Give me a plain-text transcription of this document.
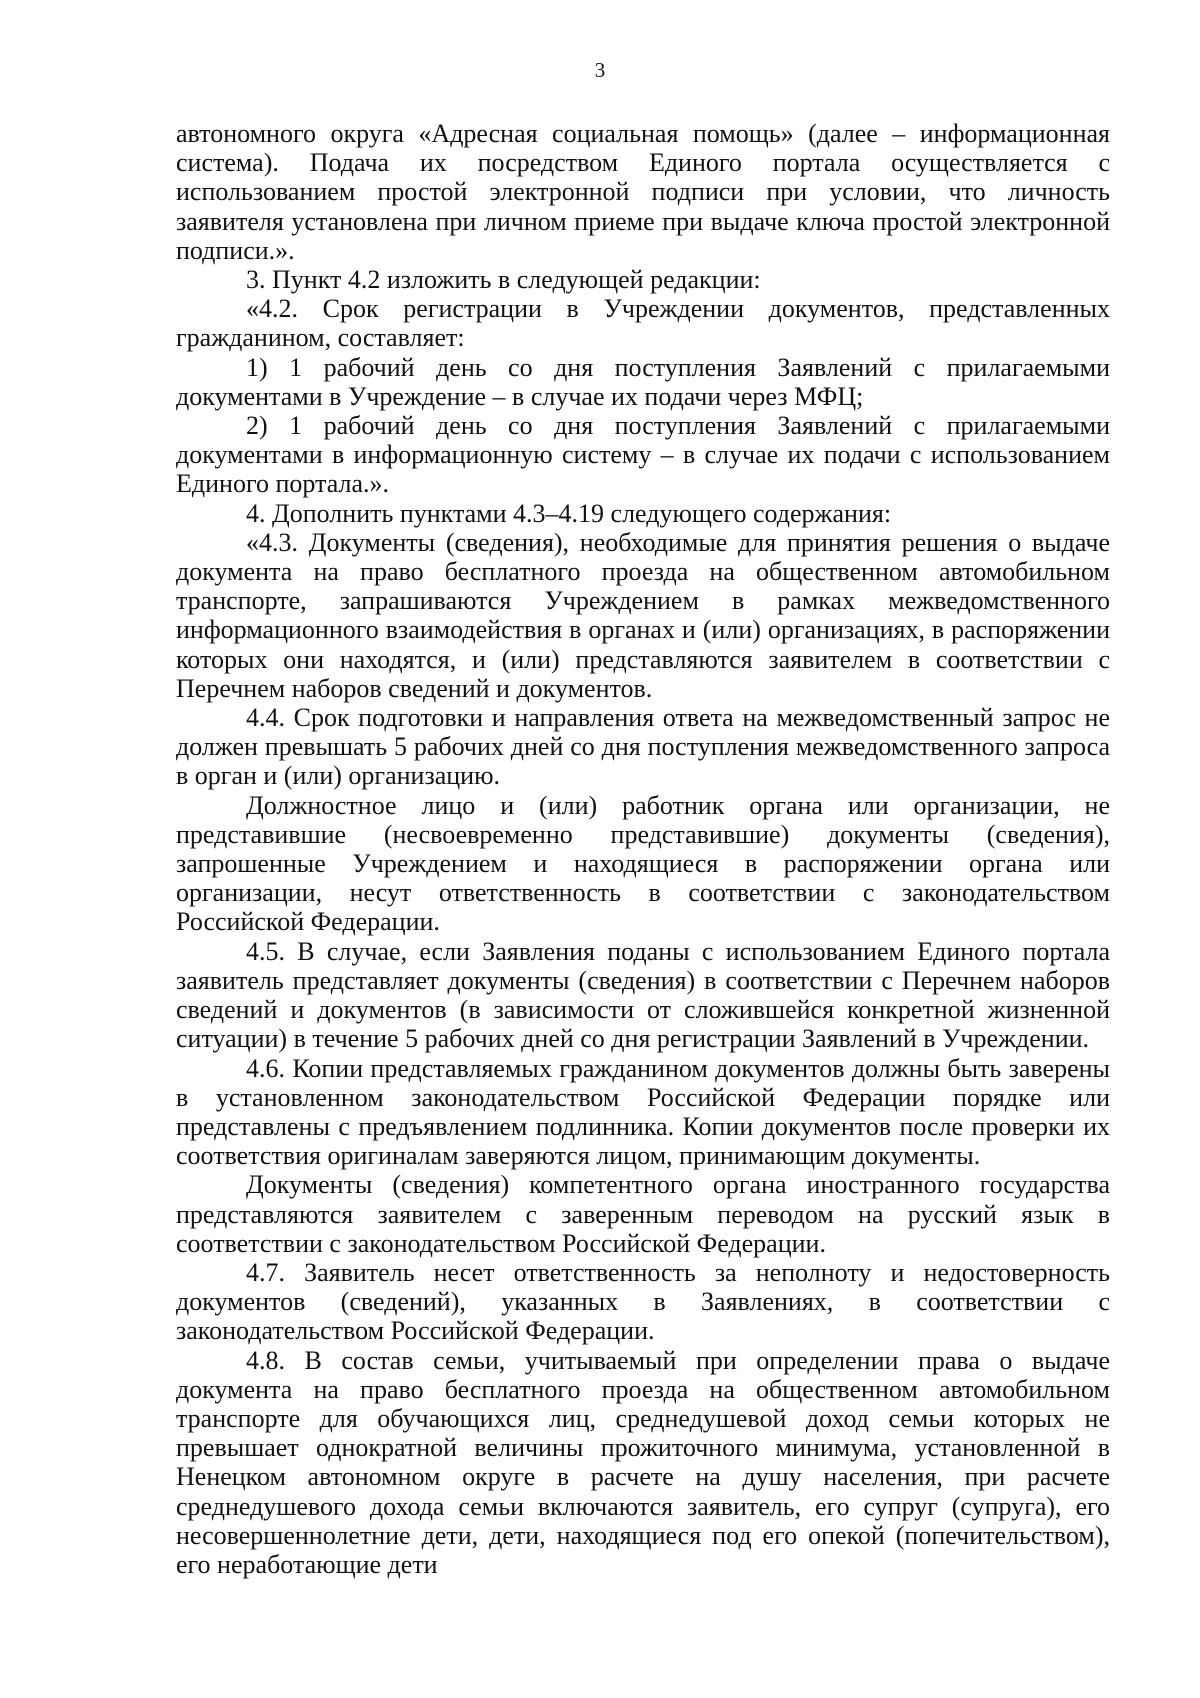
3

автономного округа «Адресная социальная помощь» (далее – информационная система). Подача их посредством Единого портала осуществляется с использованием простой электронной подписи при условии, что личность заявителя установлена при личном приеме при выдаче ключа простой электронной подписи.».

3. Пункт 4.2 изложить в следующей редакции:

«4.2. Срок регистрации в Учреждении документов, представленных гражданином, составляет:

1) 1 рабочий день со дня поступления Заявлений с прилагаемыми документами в Учреждение – в случае их подачи через МФЦ;

2) 1 рабочий день со дня поступления Заявлений с прилагаемыми документами в информационную систему – в случае их подачи с использованием Единого портала.».

4. Дополнить пунктами 4.3–4.19 следующего содержания:

«4.3. Документы (сведения), необходимые для принятия решения о выдаче документа на право бесплатного проезда на общественном автомобильном транспорте, запрашиваются Учреждением в рамках межведомственного информационного взаимодействия в органах и (или) организациях, в распоряжении которых они находятся, и (или) представляются заявителем в соответствии с Перечнем наборов сведений и документов.

4.4. Срок подготовки и направления ответа на межведомственный запрос не должен превышать 5 рабочих дней со дня поступления межведомственного запроса в орган и (или) организацию.

Должностное лицо и (или) работник органа или организации, не представившие (несвоевременно представившие) документы (сведения), запрошенные Учреждением и находящиеся в распоряжении органа или организации, несут ответственность в соответствии с законодательством Российской Федерации.

4.5. В случае, если Заявления поданы с использованием Единого портала заявитель представляет документы (сведения) в соответствии с Перечнем наборов сведений и документов (в зависимости от сложившейся конкретной жизненной ситуации) в течение 5 рабочих дней со дня регистрации Заявлений в Учреждении.

4.6. Копии представляемых гражданином документов должны быть заверены в установленном законодательством Российской Федерации порядке или представлены с предъявлением подлинника. Копии документов после проверки их соответствия оригиналам заверяются лицом, принимающим документы.

Документы (сведения) компетентного органа иностранного государства представляются заявителем с заверенным переводом на русский язык в соответствии с законодательством Российской Федерации.

4.7. Заявитель несет ответственность за неполноту и недостоверность документов (сведений), указанных в Заявлениях, в соответствии с законодательством Российской Федерации.

4.8. В состав семьи, учитываемый при определении права о выдаче документа на право бесплатного проезда на общественном автомобильном транспорте для обучающихся лиц, среднедушевой доход семьи которых не превышает однократной величины прожиточного минимума, установленной в Ненецком автономном округе в расчете на душу населения, при расчете среднедушевого дохода семьи включаются заявитель, его супруг (супруга), его несовершеннолетние дети, дети, находящиеся под его опекой (попечительством), его неработающие дети
